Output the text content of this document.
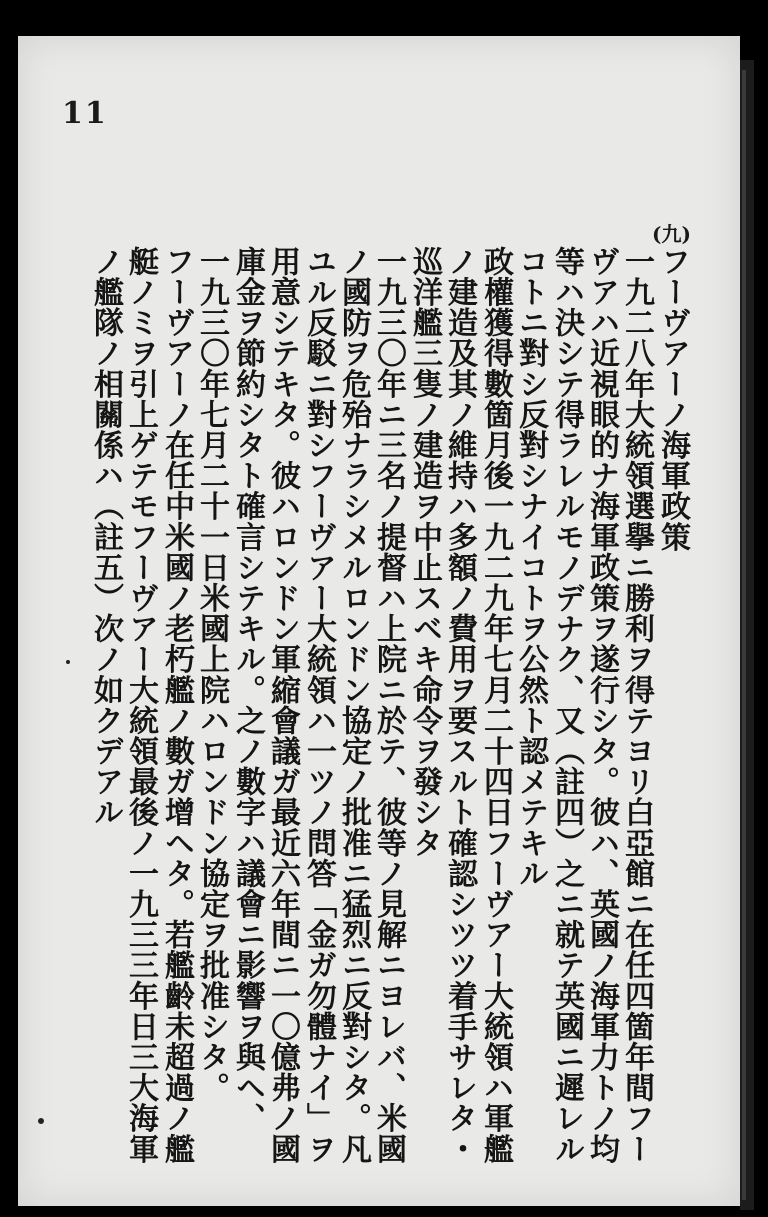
11
(九)
フーヴアーノ海軍政策
一九二八年大統領選擧ニ勝利ヲ得テヨリ白亞館ニ在任四箇年間フー
ヴアハ近視眼的ナ海軍政策ヲ遂行シタ。彼ハ、英國ノ海軍力トノ均
等ハ決シテ得ラレルモノデナク、又（註四）之ニ就テ英國ニ遲レル
コトニ對シ反對シナイコトヲ公然ト認メテキル
政權獲得數箇月後一九二九年七月二十四日フーヴアー大統領ハ軍艦
ノ建造及其ノ維持ハ多額ノ費用ヲ要スルト確認シツツ着手サレタ・
巡洋艦三隻ノ建造ヲ中止スベキ命令ヲ發シタ
一九三〇年ニ三名ノ提督ハ上院ニ於テ、彼等ノ見解ニヨレバ、米國
ノ國防ヲ危殆ナラシメルロンドン協定ノ批准ニ猛烈ニ反對シタ。凡
ユル反駁ニ對シフーヴアー大統領ハ一ツノ問答「金ガ勿體ナイ」ヲ
用意シテキタ。彼ハロンドン軍縮會議ガ最近六年間ニ一〇億弗ノ國
庫金ヲ節約シタト確言シテキル。之ノ數字ハ議會ニ影響ヲ與ヘ、
一九三〇年七月二十一日米國上院ハロンドン協定ヲ批准シタ。
フーヴアーノ在任中米國ノ老朽艦ノ數ガ增ヘタ。若艦齡未超過ノ艦
艇ノミヲ引上ゲテモフーヴアー大統領最後ノ一九三三年日三大海軍
ノ艦隊ノ相關係ハ（註五）次ノ如クデアル
